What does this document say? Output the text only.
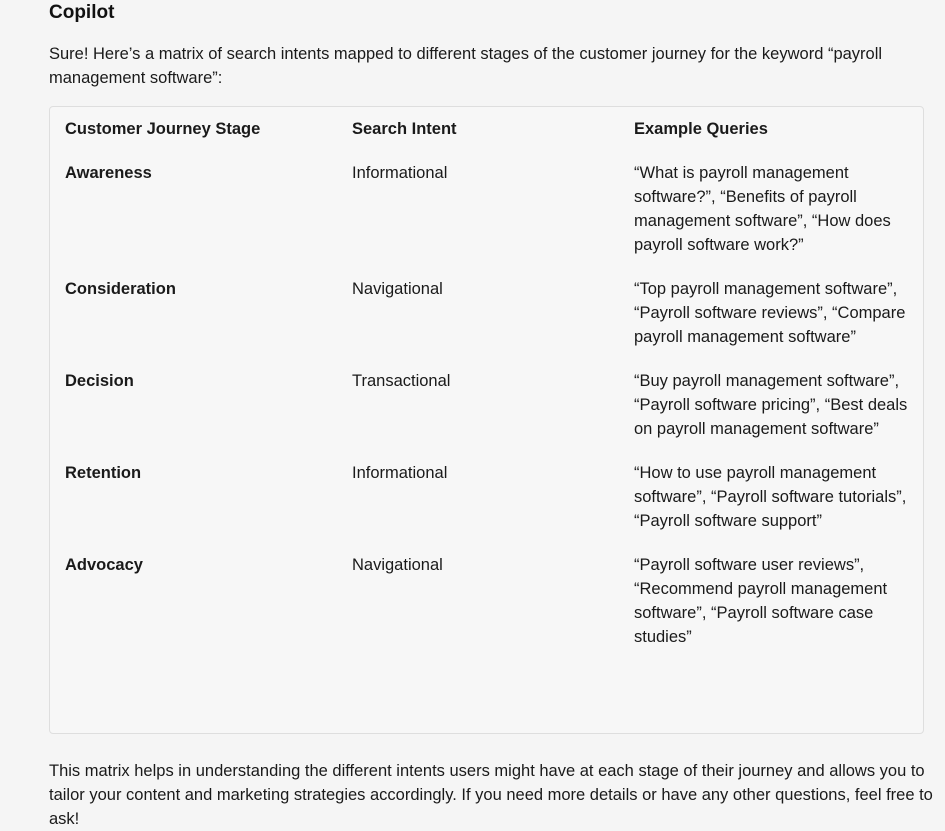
Copilot
Sure! Here’s a matrix of search intents mapped to different stages of the customer journey for the keyword “payroll management software”:
Customer Journey Stage	Search Intent	Example Queries
Awareness	Informational	“What is payroll management software?”, “Benefits of payroll management software”, “How does payroll software work?”
Consideration	Navigational	“Top payroll management software”, “Payroll software reviews”, “Compare payroll management software”
Decision	Transactional	“Buy payroll management software”, “Payroll software pricing”, “Best deals on payroll management software”
Retention	Informational	“How to use payroll management software”, “Payroll software tutorials”, “Payroll software support”
Advocacy	Navigational	“Payroll software user reviews”, “Recommend payroll management software”, “Payroll software case studies”
This matrix helps in understanding the different intents users might have at each stage of their journey and allows you to tailor your content and marketing strategies accordingly. If you need more details or have any other questions, feel free to ask!
